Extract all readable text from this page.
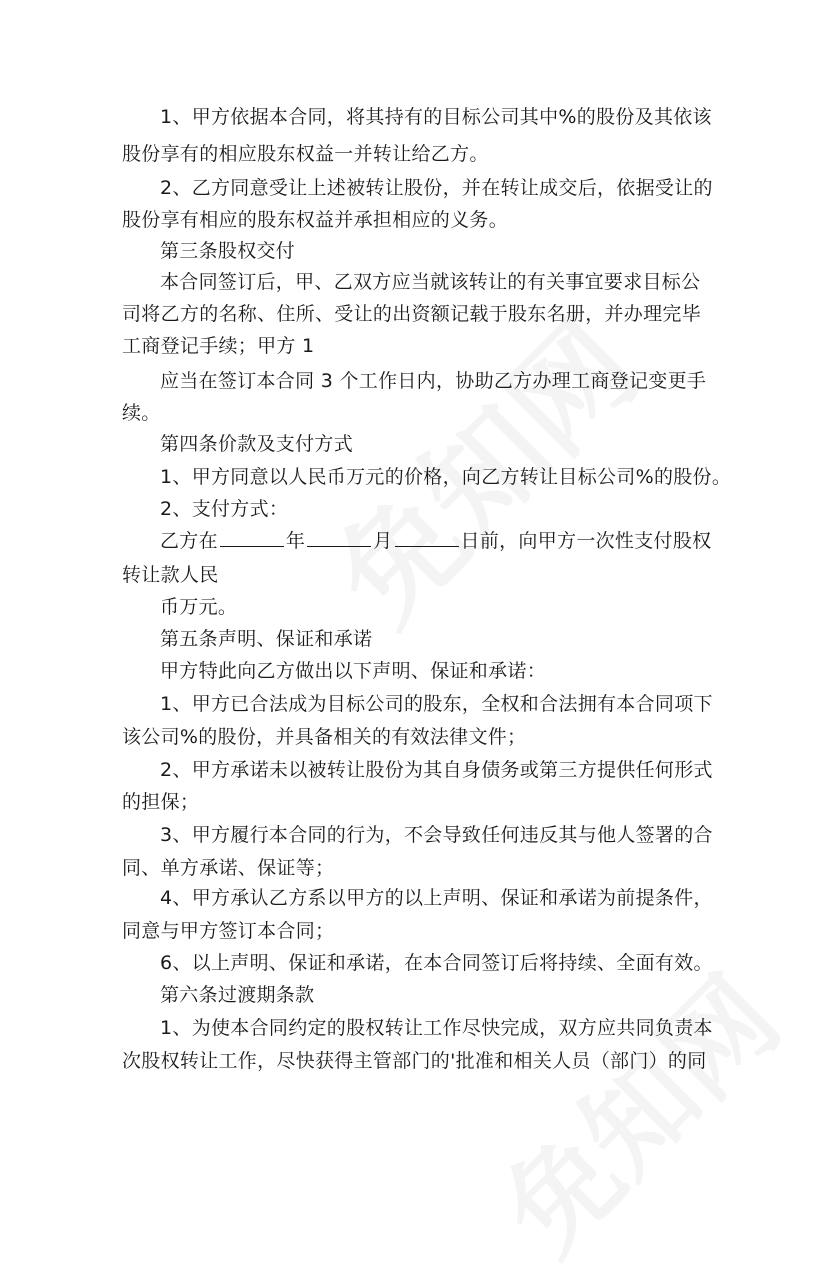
1、甲方依据本合同，将其持有的目标公司其中%的股份及其依该
股份享有的相应股东权益一并转让给乙方。
2、乙方同意受让上述被转让股份，并在转让成交后，依据受让的
股份享有相应的股东权益并承担相应的义务。
第三条股权交付
本合同签订后，甲、乙双方应当就该转让的有关事宜要求目标公
司将乙方的名称、住所、受让的出资额记载于股东名册，并办理完毕
工商登记手续；甲方 1
应当在签订本合同 3 个工作日内，协助乙方办理工商登记变更手
续。
第四条价款及支付方式
1、甲方同意以人民币万元的价格，向乙方转让目标公司%的股份。
2、支付方式：
乙方在	年	月	日前，向甲方一次性支付股权
转让款人民
币万元。
第五条声明、保证和承诺
甲方特此向乙方做出以下声明、保证和承诺：
1、甲方已合法成为目标公司的股东，全权和合法拥有本合同项下
该公司%的股份，并具备相关的有效法律文件；
2、甲方承诺未以被转让股份为其自身债务或第三方提供任何形式
的担保；
3、甲方履行本合同的行为，不会导致任何违反其与他人签署的合
同、单方承诺、保证等；
4、甲方承认乙方系以甲方的以上声明、保证和承诺为前提条件，
同意与甲方签订本合同；
6、以上声明、保证和承诺，在本合同签订后将持续、全面有效。
第六条过渡期条款
1、为使本合同约定的股权转让工作尽快完成，双方应共同负责本
次股权转让工作，尽快获得主管部门的'批准和相关人员（部门）的同
